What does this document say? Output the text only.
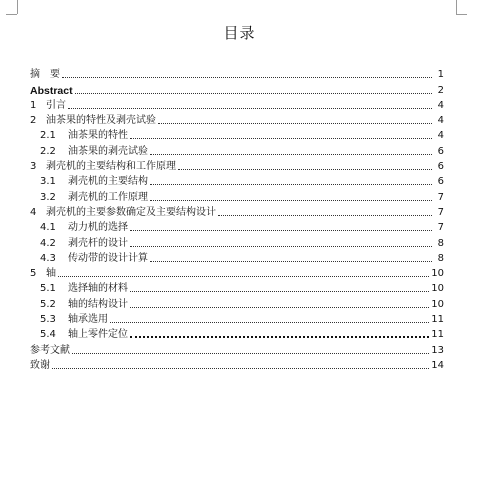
目录
摘　要	1
Abstract	2
1 引言	4
2 油茶果的特性及剥壳试验	4
2.1	油茶果的特性	4
2.2	油茶果的剥壳试验	6
3 剥壳机的主要结构和工作原理	6
3.1	剥壳机的主要结构	6
3.2	剥壳机的工作原理	7
4 剥壳机的主要参数确定及主要结构设计	7
4.1	动力机的选择	7
4.2	剥壳杆的设计	8
4.3	传动带的设计计算	8
5 轴	10
5.1	选择轴的材料	10
5.2	轴的结构设计	10
5.3	轴承选用	11
5.4	轴上零件定位	11
参考文献	13
致谢	14
